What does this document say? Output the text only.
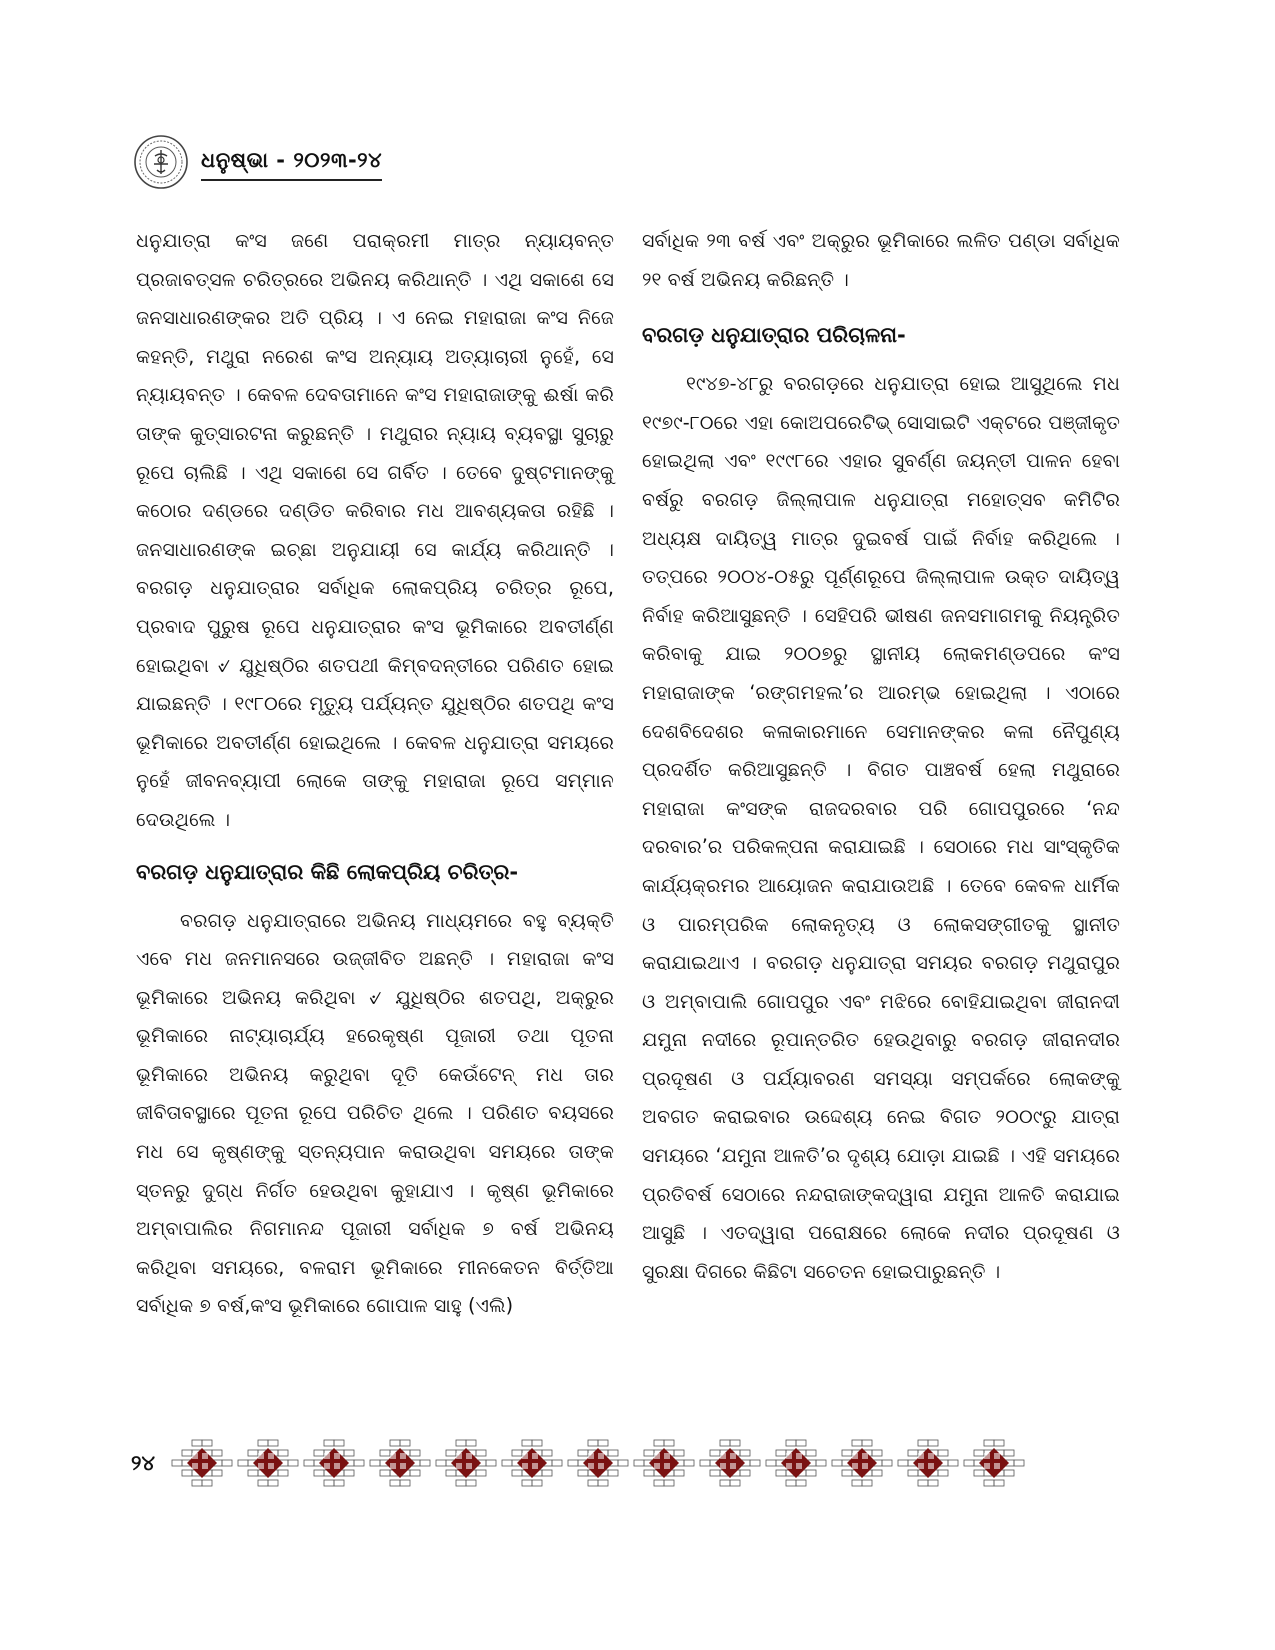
ଧନୁଷ୍ଭା - ୨୦୨୩-୨୪

ଧନୁଯାତ୍ରା କଂସ ଜଣେ ପରାକ୍ରମୀ ମାତ୍ର ନ୍ୟାୟବନ୍ତ ପ୍ରଜାବତ୍ସଳ ଚରିତ୍ରରେ ଅଭିନୟ କରିଥାନ୍ତି । ଏଥି ସକାଶେ ସେ ଜନସାଧାରଣଙ୍କର ଅତି ପ୍ରିୟ । ଏ ନେଇ ମହାରାଜା କଂସ ନିଜେ କହନ୍ତି, ମଥୁରା ନରେଶ କଂସ ଅନ୍ୟାୟ ଅତ୍ୟାଚାରୀ ନୁହେଁ, ସେ ନ୍ୟାୟବନ୍ତ । କେବଳ ଦେବତାମାନେ କଂସ ମହାରାଜାଙ୍କୁ ଈର୍ଷା କରି ତାଙ୍କ କୁତ୍ସାରଟନା କରୁଛନ୍ତି । ମଥୁରାର ନ୍ୟାୟ ବ୍ୟବସ୍ଥା ସୁଚାରୁ ରୂପେ ଚାଲିଛି । ଏଥି ସକାଶେ ସେ ଗର୍ବିତ । ତେବେ ଦୁଷ୍ଟମାନଙ୍କୁ କଠୋର ଦଣ୍ଡରେ ଦଣ୍ଡିତ କରିବାର ମଧ ଆବଶ୍ୟକତା ରହିଛି । ଜନସାଧାରଣଙ୍କ ଇଚ୍ଛା ଅନୁଯାୟୀ ସେ କାର୍ଯ୍ୟ କରିଥାନ୍ତି । ବରଗଡ଼ ଧନୁଯାତ୍ରାର ସର୍ବାଧିକ ଲୋକପ୍ରିୟ ଚରିତ୍ର ରୂପେ, ପ୍ରବାଦ ପୁରୁଷ ରୂପେ ଧନୁଯାତ୍ରାର କଂସ ଭୂମିକାରେ ଅବତୀର୍ଣ୍ଣ ହୋଇଥିବା ୰ ଯୁଧିଷ୍ଠିର ଶତପଥୀ କିମ୍ବଦନ୍ତୀରେ ପରିଣତ ହୋଇ ଯାଇଛନ୍ତି । ୧୯୮୦ରେ ମୃତ୍ୟୁ ପର୍ଯ୍ୟନ୍ତ ଯୁଧିଷ୍ଠିର ଶତପଥି କଂସ ଭୂମିକାରେ ଅବତୀର୍ଣ୍ଣ ହୋଇଥିଲେ । କେବଳ ଧନୁଯାତ୍ରା ସମୟରେ ନୁହେଁ ଜୀବନବ୍ୟାପୀ ଲୋକେ ତାଙ୍କୁ ମହାରାଜା ରୂପେ ସମ୍ମାନ ଦେଉଥିଲେ ।

ବରଗଡ଼ ଧନୁଯାତ୍ରାର କିଛି ଲୋକପ୍ରିୟ ଚରିତ୍ର-

ବରଗଡ଼ ଧନୁଯାତ୍ରାରେ ଅଭିନୟ ମାଧ୍ୟମରେ ବହୁ ବ୍ୟକ୍ତି ଏବେ ମଧ ଜନମାନସରେ ଉଜ୍ଜୀବିତ ଅଛନ୍ତି । ମହାରାଜା କଂସ ଭୂମିକାରେ ଅଭିନୟ କରିଥିବା ୰ ଯୁଧିଷ୍ଠିର ଶତପଥି, ଅକ୍ରୁର ଭୂମିକାରେ ନାଟ୍ୟାଚାର୍ଯ୍ୟ ହରେକୃଷ୍ଣ ପୂଜାରୀ ତଥା ପୂତନା ଭୂମିକାରେ ଅଭିନୟ କରୁଥିବା ଦୂତି କେଉଁଟେନ୍ ମଧ ତାର ଜୀବିତାବସ୍ଥାରେ ପୂତନା ରୂପେ ପରିଚିତ ଥିଲେ । ପରିଣତ ବୟସରେ ମଧ ସେ କୃଷ୍ଣଙ୍କୁ ସ୍ତନ୍ୟପାନ କରାଉଥିବା ସମୟରେ ତାଙ୍କ ସ୍ତନରୁ ଦୁଗ୍ଧ ନିର୍ଗତ ହେଉଥିବା କୁହାଯାଏ । କୃଷ୍ଣ ଭୂମିକାରେ ଅମ୍ବାପାଲିର ନିଗମାନନ୍ଦ ପୂଜାରୀ ସର୍ବାଧିକ ୭ ବର୍ଷ ଅଭିନୟ କରିଥିବା ସମୟରେ, ବଳରାମ ଭୂମିକାରେ ମୀନକେତନ ବିର୍ତ୍ତିଆ ସର୍ବାଧିକ ୭ ବର୍ଷ,କଂସ ଭୂମିକାରେ ଗୋପାଳ ସାହୁ (ଏଲି)

ସର୍ବାଧିକ ୨୩ ବର୍ଷ ଏବଂ ଅକ୍ରୁର ଭୂମିକାରେ ଲଳିତ ପଣ୍ଡା ସର୍ବାଧିକ ୨୧ ବର୍ଷ ଅଭିନୟ କରିଛନ୍ତି ।

ବରଗଡ଼ ଧନୁଯାତ୍ରାର ପରିଚାଳନା-

୧୯୪୭-୪୮ରୁ ବରଗଡ଼ରେ ଧନୁଯାତ୍ରା ହୋଇ ଆସୁଥିଲେ ମଧ ୧୯୭୯-୮୦ରେ ଏହା କୋଅପରେଟିଭ୍ ସୋସାଇଟି ଏକ୍ଟରେ ପଞ୍ଜୀକୃତ ହୋଇଥିଲା ଏବଂ ୧୯୯୮ରେ ଏହାର ସୁବର୍ଣ୍ଣ ଜୟନ୍ତୀ ପାଳନ ହେବା ବର୍ଷରୁ ବରଗଡ଼ ଜିଲ୍ଲାପାଳ ଧନୁଯାତ୍ରା ମହୋତ୍ସବ କମିଟିର ଅଧ୍ୟକ୍ଷ ଦାୟିତ୍ୱ ମାତ୍ର ଦୁଇବର୍ଷ ପାଇଁ ନିର୍ବାହ କରିଥିଲେ । ତତ୍ପରେ ୨୦୦୪-୦୫ରୁ ପୂର୍ଣ୍ଣରୂପେ ଜିଲ୍ଲାପାଳ ଉକ୍ତ ଦାୟିତ୍ୱ ନିର୍ବାହ କରିଆସୁଛନ୍ତି । ସେହିପରି ଭୀଷଣ ଜନସମାଗମକୁ ନିୟନ୍ତ୍ରିତ କରିବାକୁ ଯାଇ ୨୦୦୭ରୁ ସ୍ଥାନୀୟ ଲୋକମଣ୍ଡପରେ କଂସ ମହାରାଜାଙ୍କ ‘ରଙ୍ଗମହଲ’ର ଆରମ୍ଭ ହୋଇଥିଲା । ଏଠାରେ ଦେଶବିଦେଶର କଳାକାରମାନେ ସେମାନଙ୍କର କଳା ନୈପୁଣ୍ୟ ପ୍ରଦର୍ଶିତ କରିଆସୁଛନ୍ତି । ବିଗତ ପାଞ୍ଚବର୍ଷ ହେଲା ମଥୁରାରେ ମହାରାଜା କଂସଙ୍କ ରାଜଦରବାର ପରି ଗୋପପୁରରେ ‘ନନ୍ଦ ଦରବାର’ର ପରିକଳ୍ପନା କରାଯାଇଛି । ସେଠାରେ ମଧ ସାଂସ୍କୃତିକ କାର୍ଯ୍ୟକ୍ରମର ଆୟୋଜନ କରାଯାଉଅଛି । ତେବେ କେବଳ ଧାର୍ମିକ ଓ ପାରମ୍ପରିକ ଲୋକନୃତ୍ୟ ଓ ଲୋକସଙ୍ଗୀତକୁ ସ୍ଥାନୀତ କରାଯାଇଥାଏ । ବରଗଡ଼ ଧନୁଯାତ୍ରା ସମୟର ବରଗଡ଼ ମଥୁରାପୁର ଓ ଅମ୍ବାପାଲି ଗୋପପୁର ଏବଂ ମଝିରେ ବୋହିଯାଇଥିବା ଜୀରାନଦୀ ଯମୁନା ନଦୀରେ ରୂପାନ୍ତରିତ ହେଉଥିବାରୁ ବରଗଡ଼ ଜୀରାନଦୀର ପ୍ରଦୂଷଣ ଓ ପର୍ଯ୍ୟାବରଣ ସମସ୍ୟା ସମ୍ପର୍କରେ ଲୋକଙ୍କୁ ଅବଗତ କରାଇବାର ଉଦ୍ଦେଶ୍ୟ ନେଇ ବିଗତ ୨୦୦୯ରୁ ଯାତ୍ରା ସମୟରେ ‘ଯମୁନା ଆଳତି’ର ଦୃଶ୍ୟ ଯୋଡ଼ା ଯାଇଛି । ଏହି ସମୟରେ ପ୍ରତିବର୍ଷ ସେଠାରେ ନନ୍ଦରାଜାଙ୍କଦ୍ୱାରା ଯମୁନା ଆଳତି କରାଯାଇ ଆସୁଛି । ଏତଦ୍ୱାରା ପରୋକ୍ଷରେ ଲୋକେ ନଦୀର ପ୍ରଦୂଷଣ ଓ ସୁରକ୍ଷା ଦିଗରେ କିଛିଟା ସଚେତନ ହୋଇପାରୁଛନ୍ତି ।

୨୪
